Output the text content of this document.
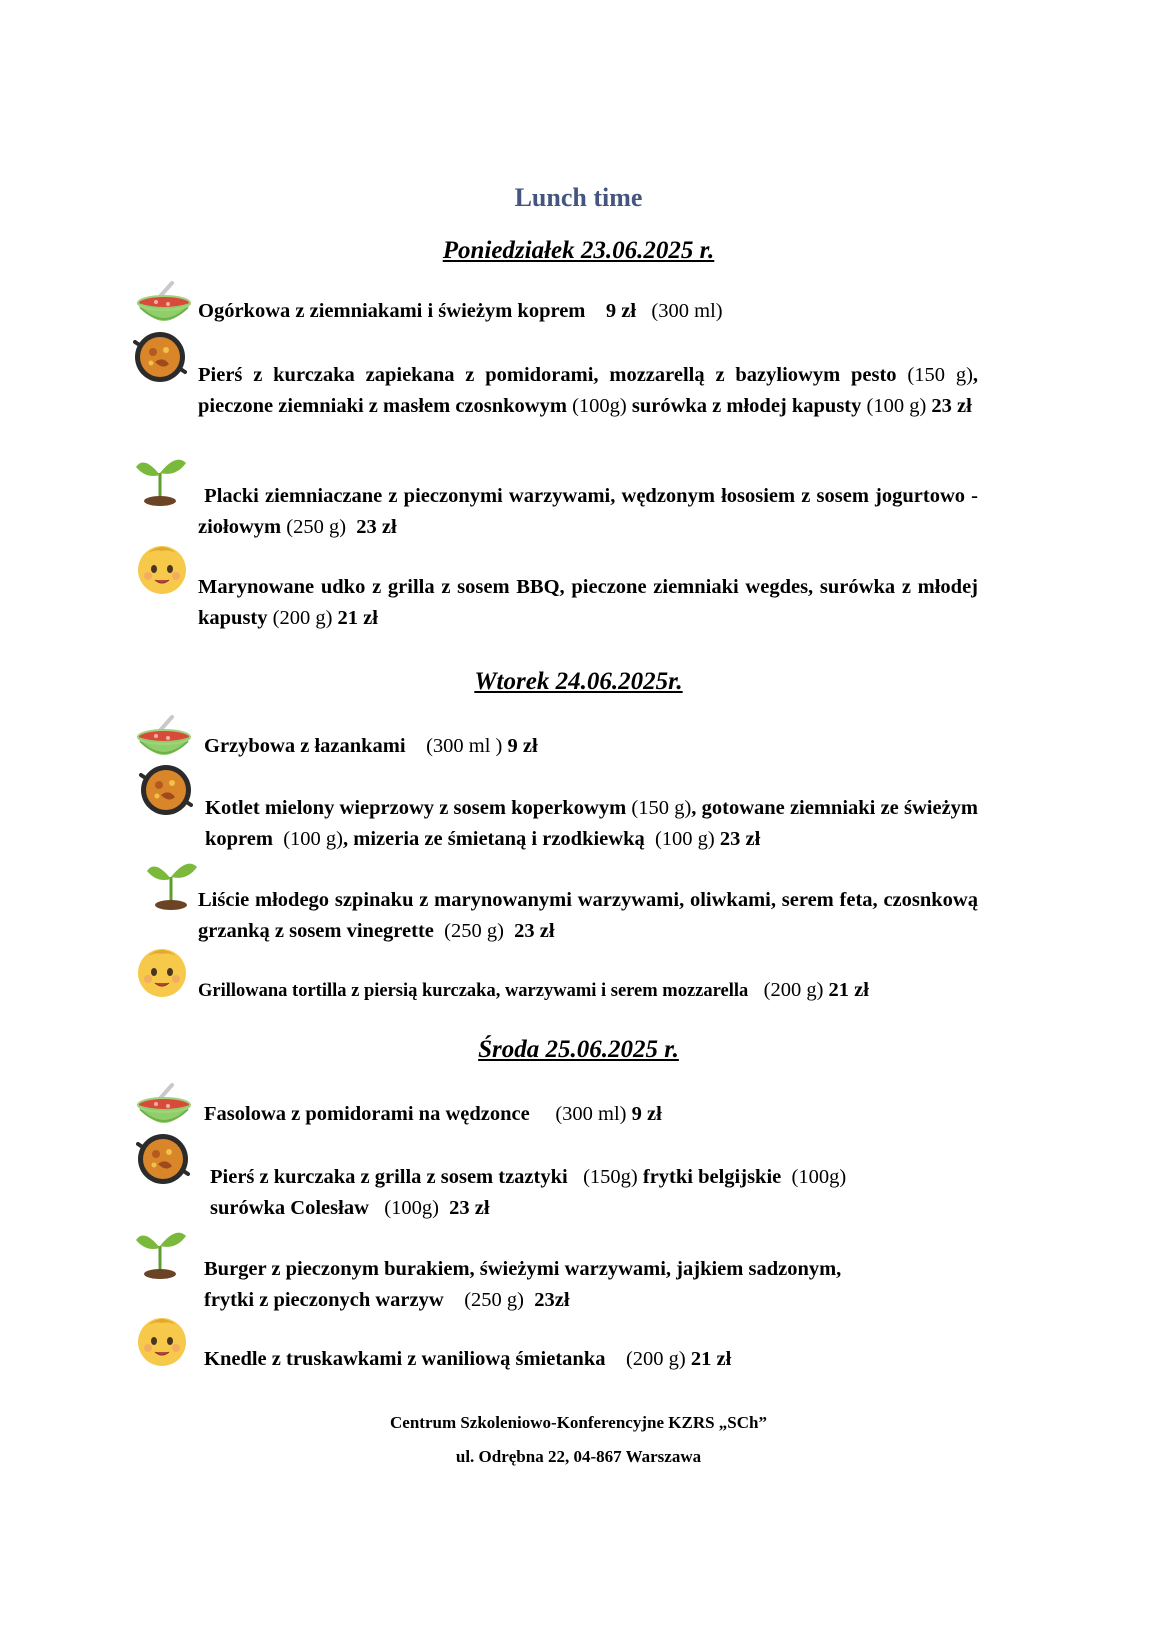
Lunch time
Poniedziałek 23.06.2025 r.
Ogórkowa z ziemniakami i świeżym koprem 9 zł (300 ml)
Pierś z kurczaka zapiekana z pomidorami, mozzarellą z bazyliowym pesto (150 g), pieczone ziemniaki z masłem czosnkowym (100g) surówka z młodej kapusty (100 g) 23 zł
Placki ziemniaczane z pieczonymi warzywami, wędzonym łososiem z sosem jogurtowo - ziołowym (250 g) 23 zł
Marynowane udko z grilla z sosem BBQ, pieczone ziemniaki wegdes, surówka z młodej kapusty (200 g) 21 zł
Wtorek 24.06.2025r.
Grzybowa z łazankami (300 ml ) 9 zł
Kotlet mielony wieprzowy z sosem koperkowym (150 g), gotowane ziemniaki ze świeżym koprem (100 g), mizeria ze śmietaną i rzodkiewką (100 g) 23 zł
Liście młodego szpinaku z marynowanymi warzywami, oliwkami, serem feta, czosnkową grzanką z sosem vinegrette (250 g) 23 zł
Grillowana tortilla z piersią kurczaka, warzywami i serem mozzarella (200 g) 21 zł
Środa 25.06.2025 r.
Fasolowa z pomidorami na wędzonce (300 ml) 9 zł
Pierś z kurczaka z grilla z sosem tzaztyki (150g) frytki belgijskie (100g)
surówka Colesław (100g) 23 zł
Burger z pieczonym burakiem, świeżymi warzywami, jajkiem sadzonym,
frytki z pieczonych warzyw (250 g) 23zł
Knedle z truskawkami z waniliową śmietanka (200 g) 21 zł
Centrum Szkoleniowo-Konferencyjne KZRS „SCh”
ul. Odrębna 22, 04-867 Warszawa
